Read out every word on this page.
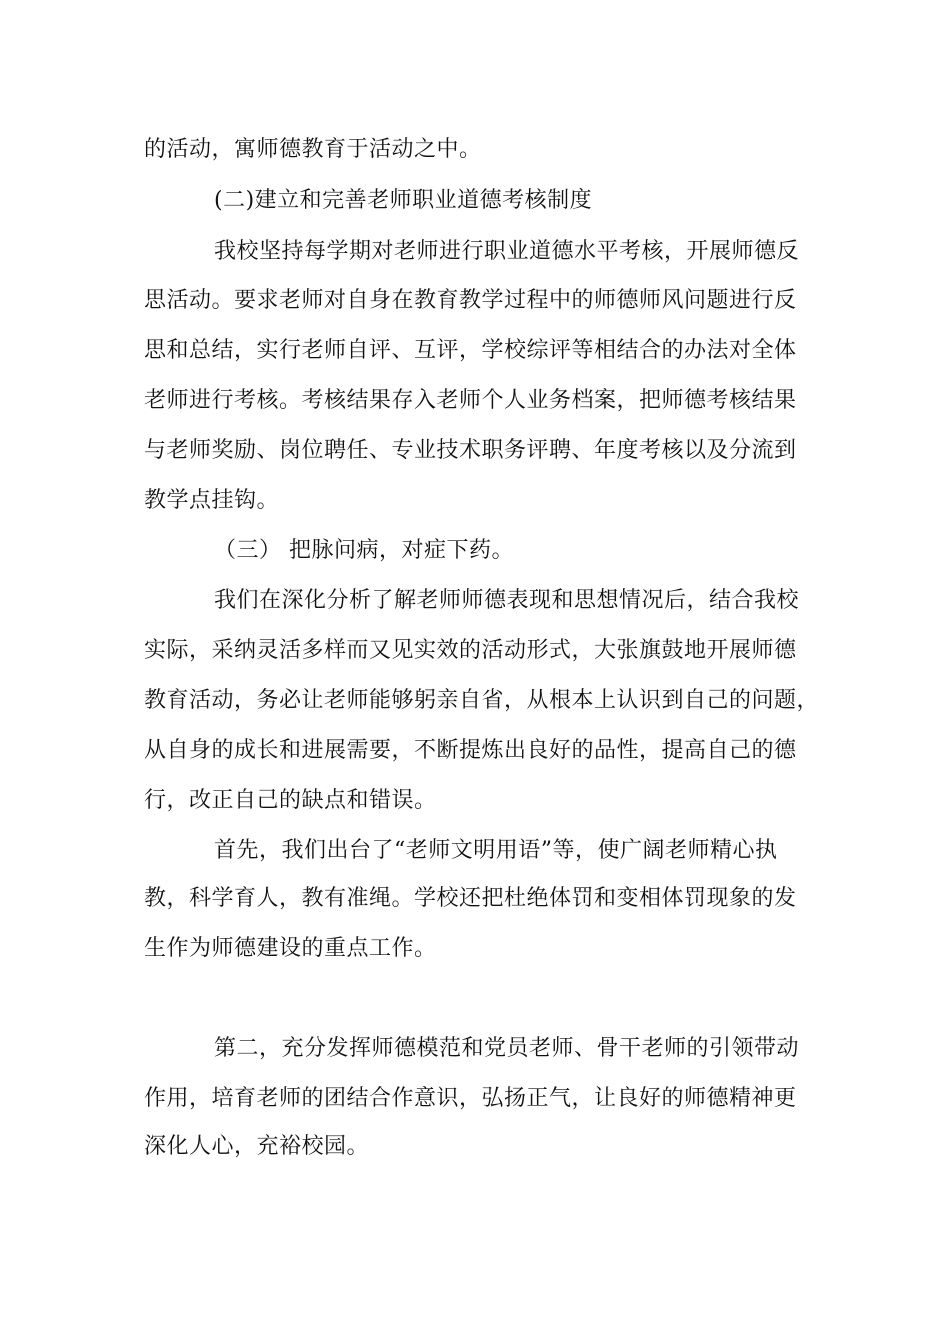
的活动，寓师德教育于活动之中。
(二)建立和完善老师职业道德考核制度
我校坚持每学期对老师进行职业道德水平考核，开展师德反
思活动。要求老师对自身在教育教学过程中的师德师风问题进行反
思和总结，实行老师自评、互评，学校综评等相结合的办法对全体
老师进行考核。考核结果存入老师个人业务档案，把师德考核结果
与老师奖励、岗位聘任、专业技术职务评聘、年度考核以及分流到
教学点挂钩。
（三） 把脉问病，对症下药。
我们在深化分析了解老师师德表现和思想情况后，结合我校
实际，采纳灵活多样而又见实效的活动形式，大张旗鼓地开展师德
教育活动，务必让老师能够躬亲自省，从根本上认识到自己的问题，
从自身的成长和进展需要，不断提炼出良好的品性，提高自己的德
行，改正自己的缺点和错误。
首先，我们出台了“老师文明用语”等，使广阔老师精心执
教，科学育人，教有准绳。学校还把杜绝体罚和变相体罚现象的发
生作为师德建设的重点工作。
第二，充分发挥师德模范和党员老师、骨干老师的引领带动
作用，培育老师的团结合作意识，弘扬正气，让良好的师德精神更
深化人心，充裕校园。
